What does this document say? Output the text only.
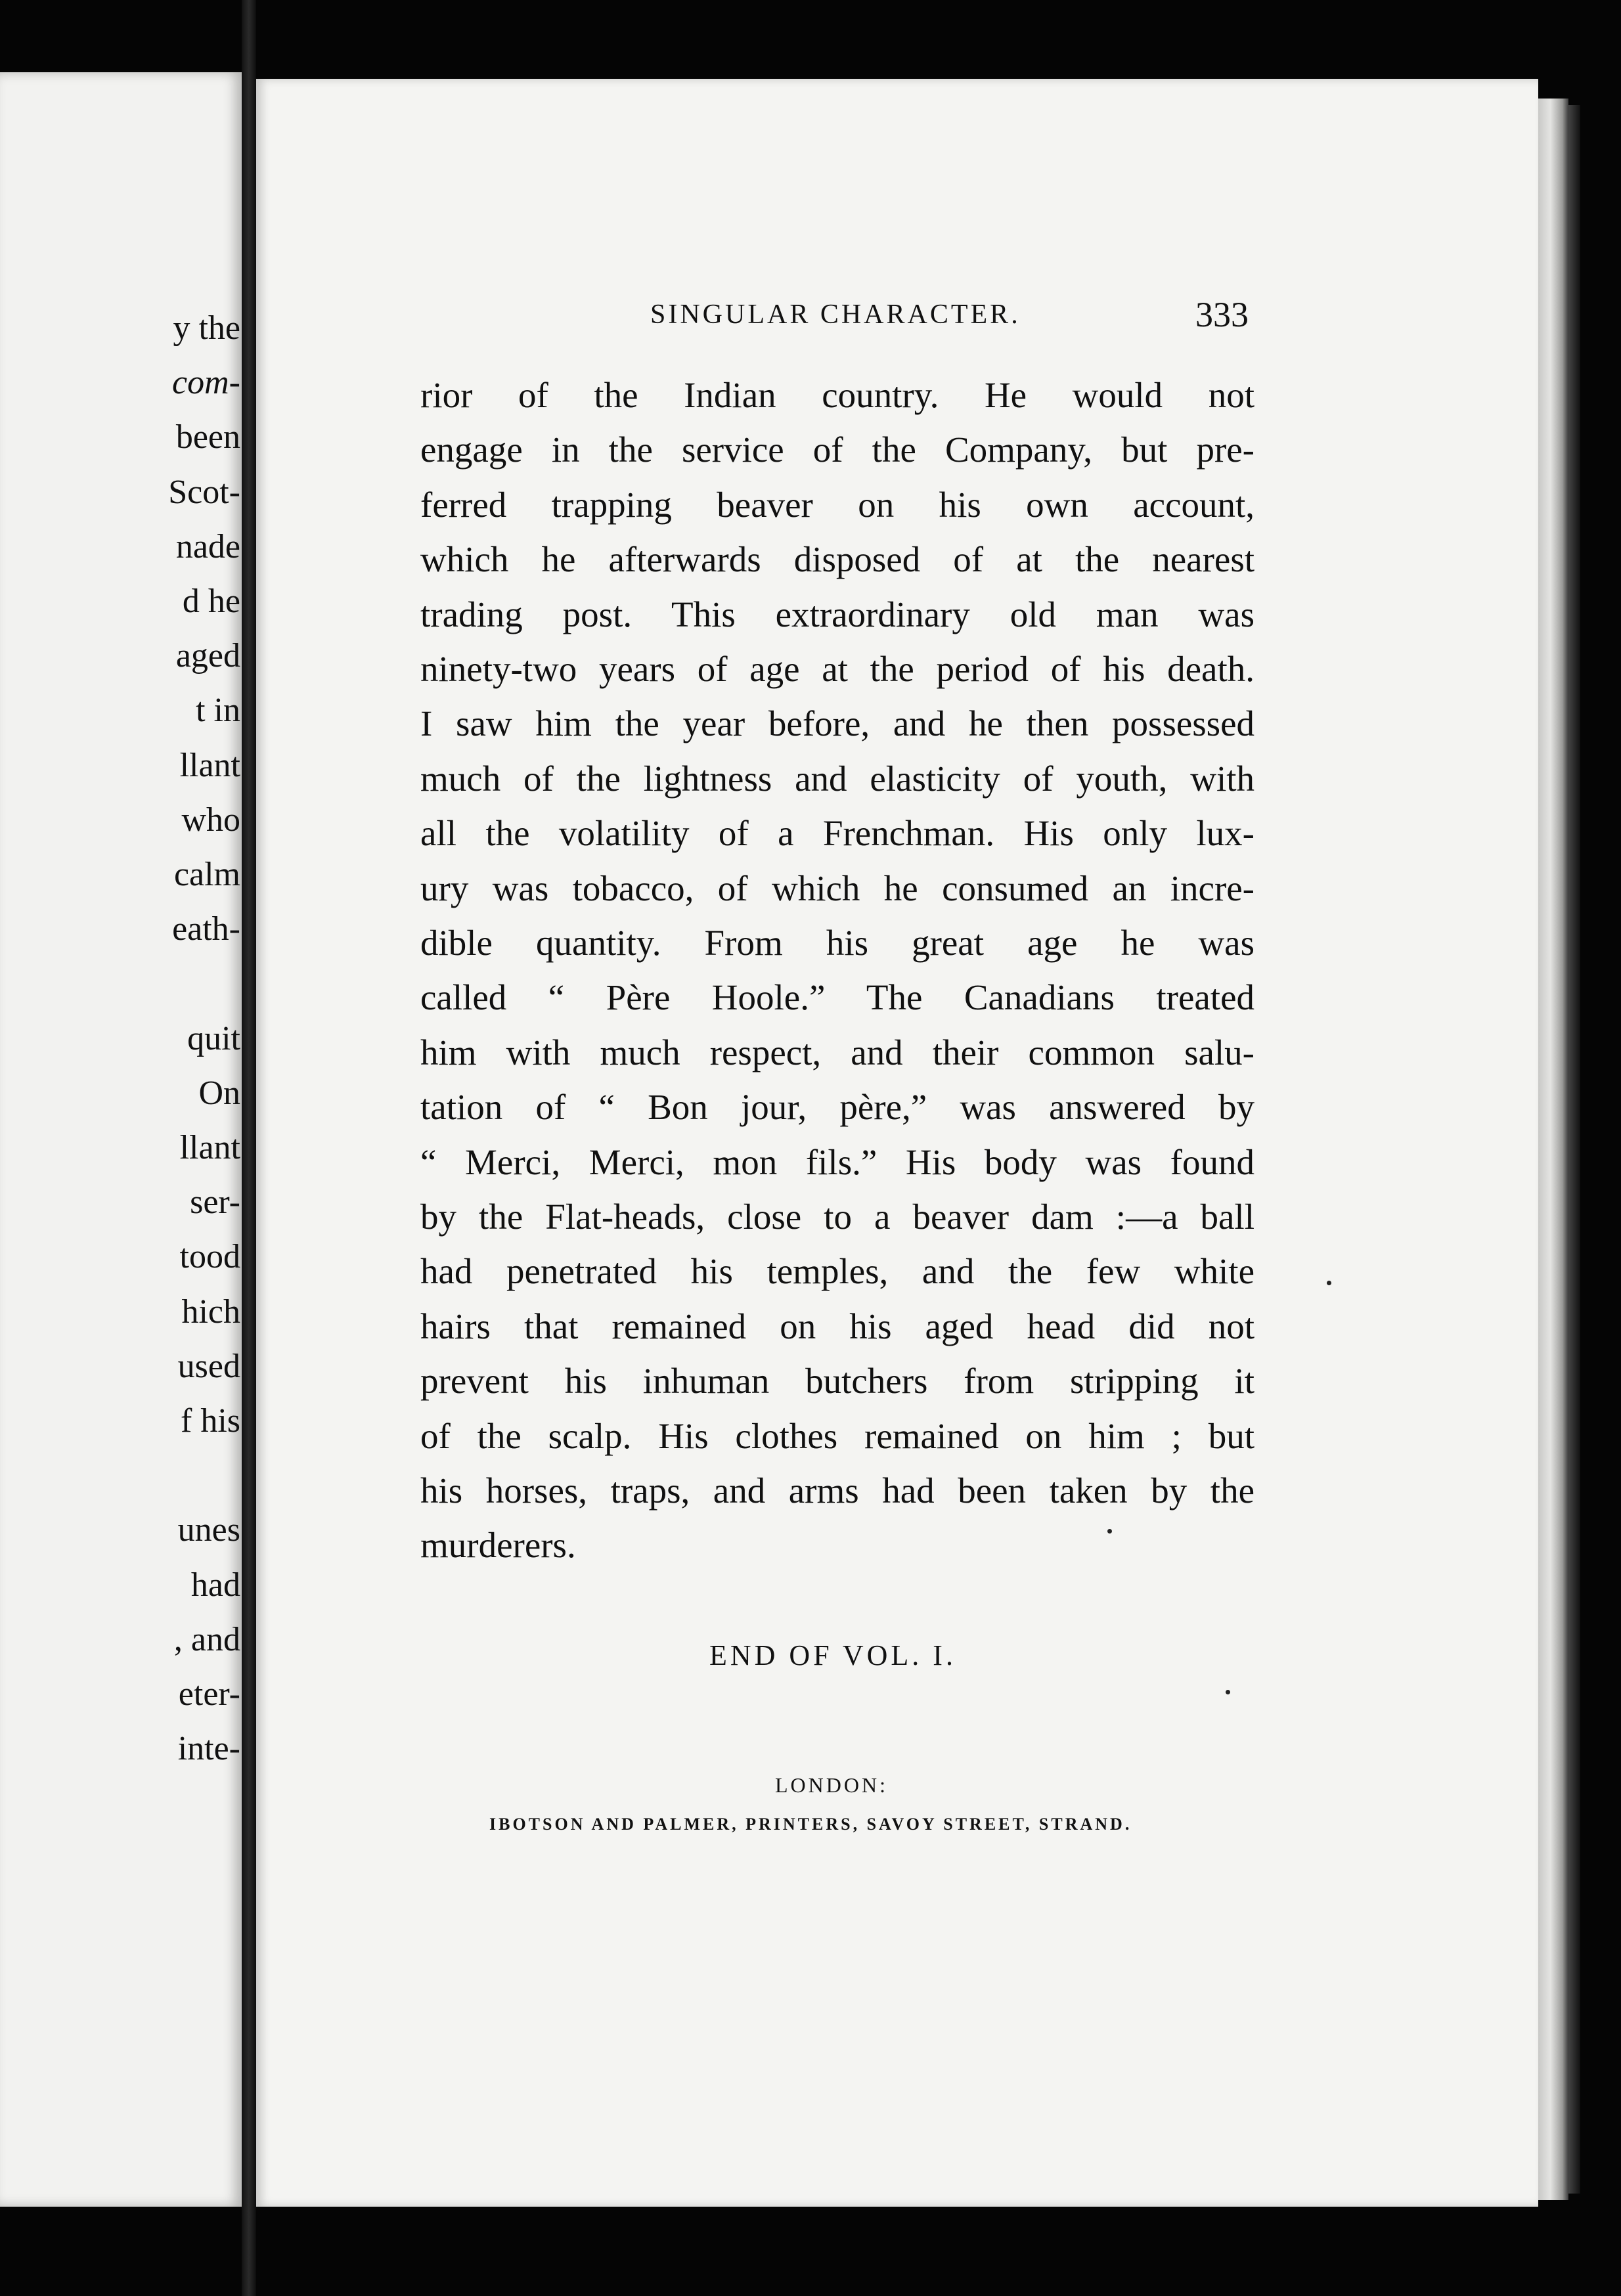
y the
com-
been
Scot-
nade
d he
aged
t in
llant
who
calm
eath-
quit
On
llant
ser-
tood
hich
used
f his
unes
had
, and
eter-
inte-
SINGULAR CHARACTER.	333
rior of the Indian country. He would not
engage in the service of the Company, but pre-
ferred trapping beaver on his own account,
which he afterwards disposed of at the nearest
trading post. This extraordinary old man was
ninety-two years of age at the period of his death.
I saw him the year before, and he then possessed
much of the lightness and elasticity of youth, with
all the volatility of a Frenchman. His only lux-
ury was tobacco, of which he consumed an incre-
dible quantity. From his great age he was
called “ Père Hoole.” The Canadians treated
him with much respect, and their common salu-
tation of “ Bon jour, père,” was answered by
“ Merci, Merci, mon fils.” His body was found
by the Flat-heads, close to a beaver dam :—a ball
had penetrated his temples, and the few white
hairs that remained on his aged head did not
prevent his inhuman butchers from stripping it
of the scalp. His clothes remained on him ; but
his horses, traps, and arms had been taken by the
murderers.
END OF VOL. I.
LONDON:
IBOTSON AND PALMER, PRINTERS, SAVOY STREET, STRAND.
